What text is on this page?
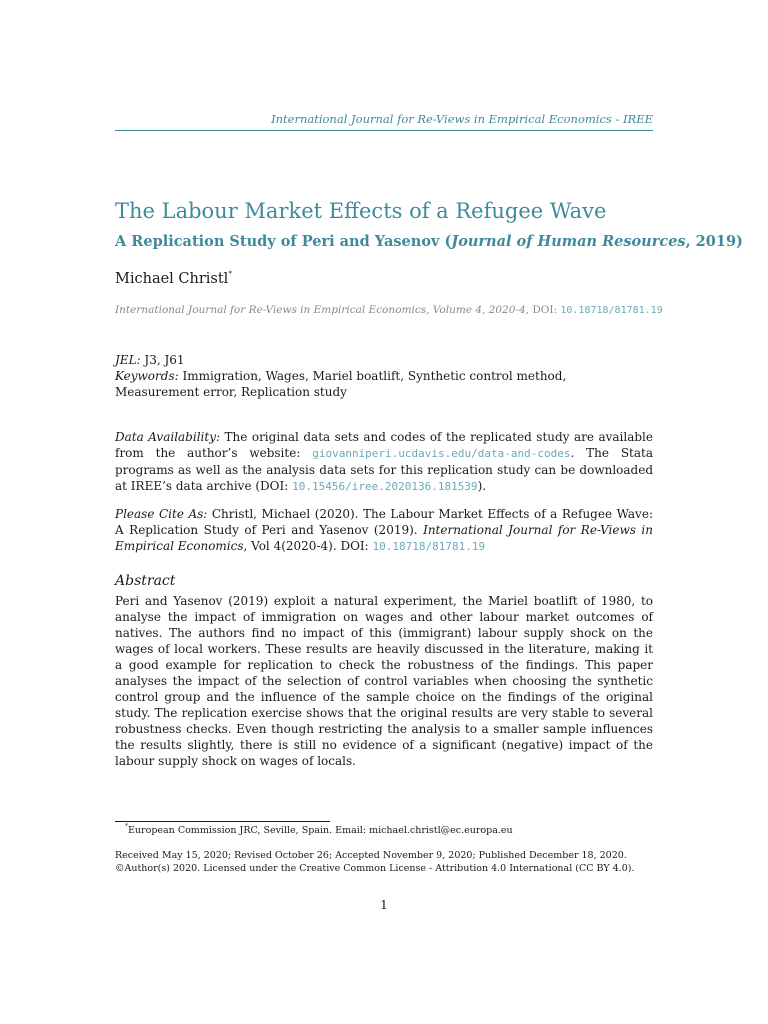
International Journal for Re-Views in Empirical Economics - IREE
The Labour Market Effects of a Refugee Wave
A Replication Study of Peri and Yasenov (Journal of Human Resources, 2019)
Michael Christl*
International Journal for Re-Views in Empirical Economics, Volume 4, 2020-4, DOI: 10.18718/81781.19
JEL: J3, J61
Keywords: Immigration, Wages, Mariel boatlift, Synthetic control method, Measurement error, Replication study
Data Availability: The original data sets and codes of the replicated study are available from the author’s website: giovanniperi.ucdavis.edu/data-and-codes. The Stata programs as well as the analysis data sets for this replication study can be downloaded at IREE’s data archive (DOI: 10.15456/iree.2020136.181539).
Please Cite As: Christl, Michael (2020). The Labour Market Effects of a Refugee Wave: A Replication Study of Peri and Yasenov (2019). International Journal for Re-Views in Empirical Economics, Vol 4(2020-4). DOI: 10.18718/81781.19
Abstract
Peri and Yasenov (2019) exploit a natural experiment, the Mariel boatlift of 1980, to analyse the impact of immigration on wages and other labour market outcomes of natives. The authors find no impact of this (immigrant) labour supply shock on the wages of local workers. These results are heavily discussed in the literature, making it a good example for replication to check the robustness of the findings. This paper analyses the impact of the selection of control variables when choosing the synthetic control group and the influence of the sample choice on the findings of the original study. The replication exercise shows that the original results are very stable to several robustness checks. Even though restricting the analysis to a smaller sample influences the results slightly, there is still no evidence of a significant (negative) impact of the labour supply shock on wages of locals.
*European Commission JRC, Seville, Spain. Email: michael.christl@ec.europa.eu
Received May 15, 2020; Revised October 26; Accepted November 9, 2020; Published December 18, 2020.
©Author(s) 2020. Licensed under the Creative Common License - Attribution 4.0 International (CC BY 4.0).
1
